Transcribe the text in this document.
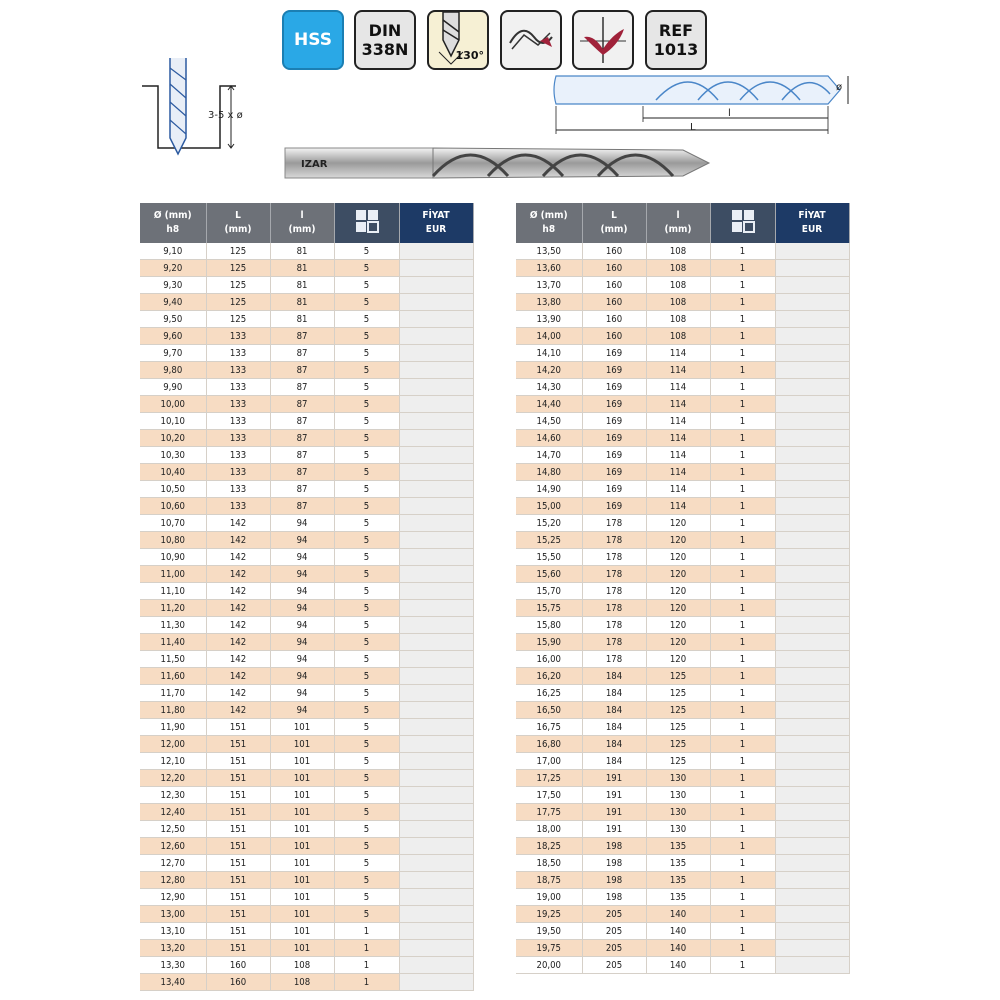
HSS	DIN
338N	130°
REF
1013
3-5 x ø
ø
l
L
IZAR
Ø (mm)
h8	L
(mm)	l
(mm)		FİYAT
EUR
9,10	125	81	5	
9,20	125	81	5	
9,30	125	81	5	
9,40	125	81	5	
9,50	125	81	5	
9,60	133	87	5	
9,70	133	87	5	
9,80	133	87	5	
9,90	133	87	5	
10,00	133	87	5	
10,10	133	87	5	
10,20	133	87	5	
10,30	133	87	5	
10,40	133	87	5	
10,50	133	87	5	
10,60	133	87	5	
10,70	142	94	5	
10,80	142	94	5	
10,90	142	94	5	
11,00	142	94	5	
11,10	142	94	5	
11,20	142	94	5	
11,30	142	94	5	
11,40	142	94	5	
11,50	142	94	5	
11,60	142	94	5	
11,70	142	94	5	
11,80	142	94	5	
11,90	151	101	5	
12,00	151	101	5	
12,10	151	101	5	
12,20	151	101	5	
12,30	151	101	5	
12,40	151	101	5	
12,50	151	101	5	
12,60	151	101	5	
12,70	151	101	5	
12,80	151	101	5	
12,90	151	101	5	
13,00	151	101	5	
13,10	151	101	1	
13,20	151	101	1	
13,30	160	108	1	
13,40	160	108	1	
Ø (mm)
h8	L
(mm)	l
(mm)		FİYAT
EUR
13,50	160	108	1	
13,60	160	108	1	
13,70	160	108	1	
13,80	160	108	1	
13,90	160	108	1	
14,00	160	108	1	
14,10	169	114	1	
14,20	169	114	1	
14,30	169	114	1	
14,40	169	114	1	
14,50	169	114	1	
14,60	169	114	1	
14,70	169	114	1	
14,80	169	114	1	
14,90	169	114	1	
15,00	169	114	1	
15,20	178	120	1	
15,25	178	120	1	
15,50	178	120	1	
15,60	178	120	1	
15,70	178	120	1	
15,75	178	120	1	
15,80	178	120	1	
15,90	178	120	1	
16,00	178	120	1	
16,20	184	125	1	
16,25	184	125	1	
16,50	184	125	1	
16,75	184	125	1	
16,80	184	125	1	
17,00	184	125	1	
17,25	191	130	1	
17,50	191	130	1	
17,75	191	130	1	
18,00	191	130	1	
18,25	198	135	1	
18,50	198	135	1	
18,75	198	135	1	
19,00	198	135	1	
19,25	205	140	1	
19,50	205	140	1	
19,75	205	140	1	
20,00	205	140	1	
